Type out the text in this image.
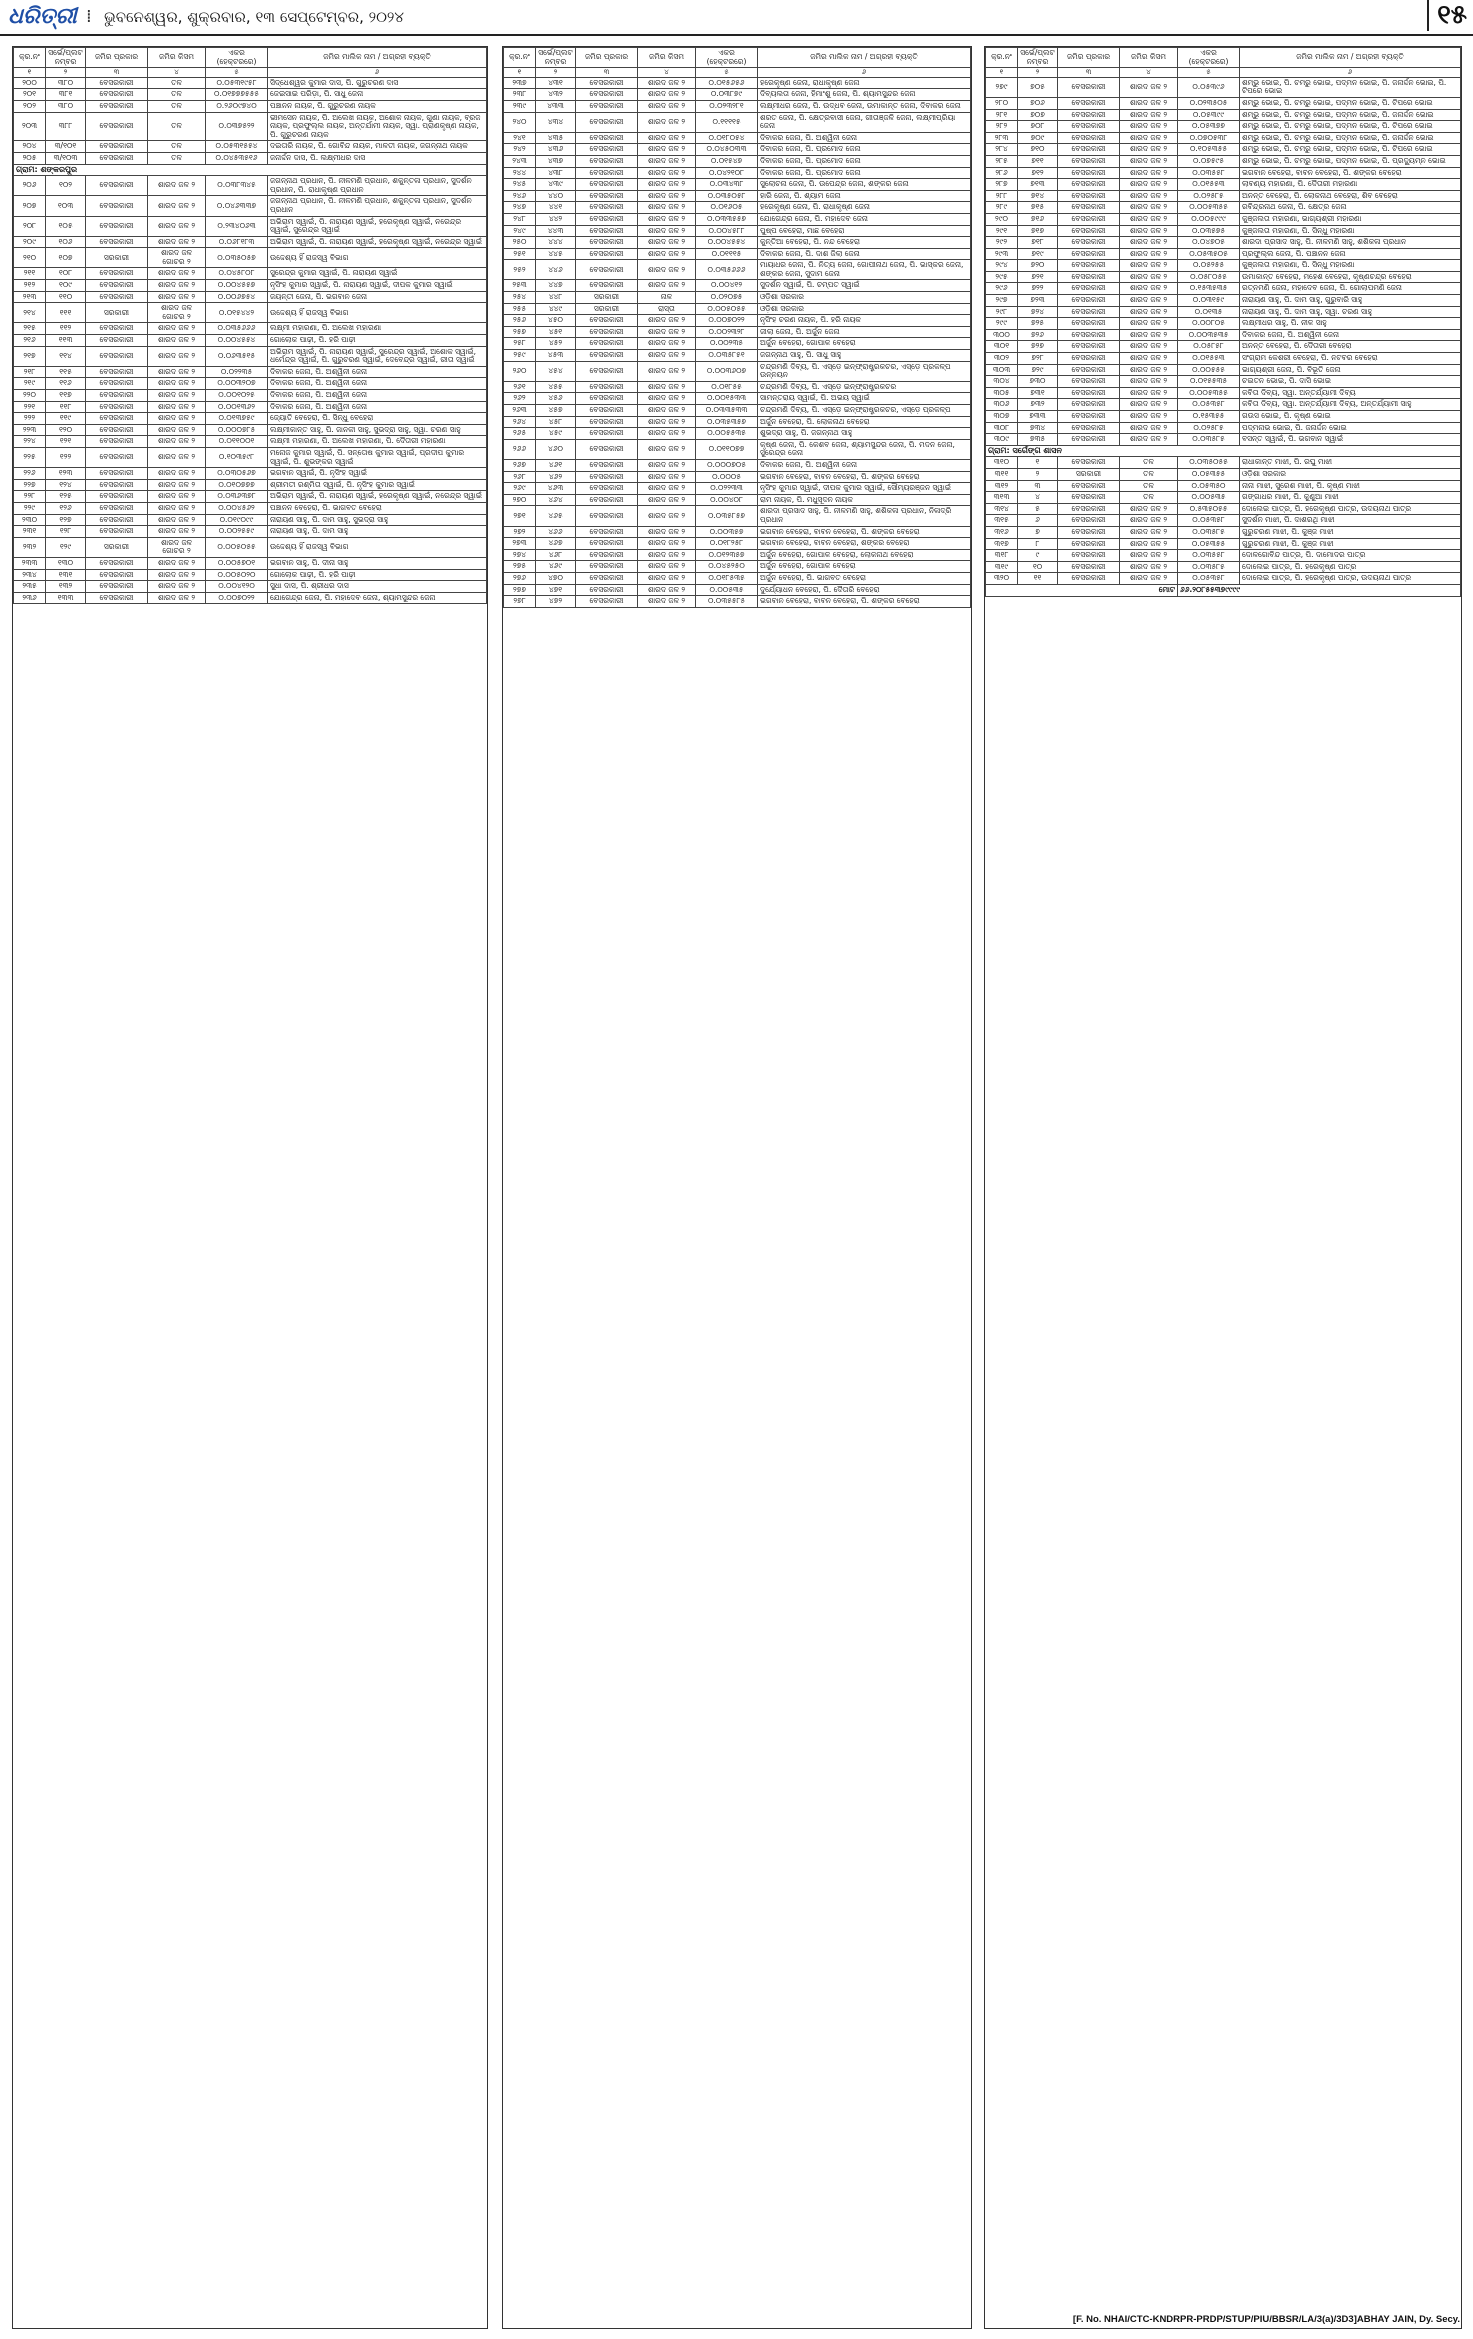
ଧରିତ୍ରୀ ⁞ ଭୁବନେଶ୍ୱର, ଶୁକ୍ରବାର, ୧୩ ସେପ୍ଟେମ୍ବର, ୨୦୨୪	୧୫
କ୍ର.ନଂ	ସର୍ଭେ/ପ୍ଲଟ ନମ୍ବର	ଜମିର ପ୍ରକାର	ଜମିର କିସମ	ଏକର (ହେକ୍ଟରରେ)	ଜମିର ମାଲିକ ନାମ / ଅଗ୍ରହୀ ବ୍ୟକ୍ତି
୧	୨	୩	୪	୫	୬
୨୦୦	୩୮୦	ବେସରକାରୀ	ତଳ	୦.୦୫୩୧୯୫୮	ସିଦ୍ଧେଶ୍ୱର କୁମାର ଦାସ, ପି. ଗୁରୁଚରଣ ଦାସ
୨୦୧	୩୮୧	ବେସରକାରୀ	ତଳ	୦.୦୧୭୭୭୫୫୫	ଜେଇସାଇ ପରିଡ଼ା, ପି. ସାଧୁ ଜେନା
୨୦୨	୩୮୦	ବେସରକାରୀ	ତଳ	୦.୨୬୦୯୭୪୦	ପଞ୍ଚାନନ ନାୟକ, ପି. ଗୁରୁଚରଣ ନାୟକ
୨୦୩	୩୮୮	ବେସରକାରୀ	ତଳ	୦.୦୩୭୫୨୨	ଭୀମସେନ ନାୟକ, ପି. ଅଲେଖ ନାୟକ, ଅଶୋକ ନାୟକ, ଗୁଣା ନାୟକ, ବ୍ରଜ ନାୟକ, ପ୍ରଫୁଲ୍ଲ ନାୟକ, ଅନ୍ତର୍ଯାମୀ ନାୟକ, ସ୍ୱା. ପ୍ରାଣକୃଷ୍ଣ ନାୟକ, ପି. ଗୁରୁଚରଣ ନାୟକ
୨୦୪	୩/୧୦୧	ବେସରକାରୀ	ତଳ	୦.୦୫୩୧୫୫୪	ଦଇତାରି ନାୟକ, ପି. ଗୋବିନ୍ଦ ନାୟକ, ମାଳତୀ ନାୟକ, ଜଗନ୍ନାଥ ନାୟକ
୨୦୫	୩/୧୦୩	ବେସରକାରୀ	ତଳ	୦.୦୪୫୩୫୧୬	ଜନାର୍ଦ୍ଦନ ଦାସ, ପି. ଲକ୍ଷ୍ମୀଧର ଦାସ
ଗ୍ରାମ: ଶଙ୍କରପୁର					
୨୦୬	୧୦୨	ବେସରକାରୀ	ଶାରଦ ଜଳ ୨	୦.୦୩୮୩୪୫	ଜଗନ୍ନାଥ ପ୍ରଧାନ, ପି. ନୀଳମଣି ପ୍ରଧାନ, ଶକୁନ୍ତଳା ପ୍ରଧାନ, ସୁଦର୍ଶନ ପ୍ରଧାନ, ପି. ରାଧାକୃଷ୍ଣ ପ୍ରଧାନ
୨୦୭	୧୦୩	ବେସରକାରୀ	ଶାରଦ ଜଳ ୨	୦.୦୪୬୩୩୭	ଜଗନ୍ନାଥ ପ୍ରଧାନ, ପି. ନୀଳମଣି ପ୍ରଧାନ, ଶକୁନ୍ତଳା ପ୍ରଧାନ, ସୁଦର୍ଶନ ପ୍ରଧାନ
୨୦୮	୧୦୫	ବେସରକାରୀ	ଶାରଦ ଜଳ ୨	୦.୨୩୪୦୬୩	ଅଭିରାମ ସ୍ୱାଇଁ, ପି. ନାରାୟଣ ସ୍ୱାଇଁ, ହରେକୃଷ୍ଣ ସ୍ୱାଇଁ, ନରେନ୍ଦ୍ର ସ୍ୱାଇଁ, ସୁରେନ୍ଦ୍ର ସ୍ୱାଇଁ
୨୦୯	୧୦୬	ବେସରକାରୀ	ଶାରଦ ଜଳ ୨	୦.୦୬୮୧୮୩	ଅଭିରାମ ସ୍ୱାଇଁ, ପି. ନାରାୟଣ ସ୍ୱାଇଁ, ହରେକୃଷ୍ଣ ସ୍ୱାଇଁ, ନରେନ୍ଦ୍ର ସ୍ୱାଇଁ
୨୧୦	୧୦୭	ସରକାରୀ	ଶାରଦ ଜଳ ଗୋଚର ୨	୦.୦୩୫୦୫୭	ଉଦ୍ଦେଶ୍ୟ ହିଁ ରାଜସ୍ୱ ବିଭାଗ
୨୧୧	୧୦୮	ବେସରକାରୀ	ଶାରଦ ଜଳ ୨	୦.୦୪୫୮୦୮	ସୁରେନ୍ଦ୍ର କୁମାର ସ୍ୱାଇଁ, ପି. ନାରାୟଣ ସ୍ୱାଇଁ
୨୧୨	୧୦୯	ବେସରକାରୀ	ଶାରଦ ଜଳ ୨	୦.୦୦୪୫୫୭	ନୃସିଂହ କୁମାର ସ୍ୱାଇଁ, ପି. ନାରାୟଣ ସ୍ୱାଇଁ, ଦୀପକ କୁମାର ସ୍ୱାଇଁ
୨୧୩	୧୧୦	ବେସରକାରୀ	ଶାରଦ ଜଳ ୨	୦.୦୦୬୭୫୪	ଜୟନ୍ତୀ ଜେନା, ପି. ଭଗବାନ ଜେନା
୨୧୪	୧୧୧	ସରକାରୀ	ଶାରଦ ଜଳ ଗୋଚର ୨	୦.୦୧୫୪୪୨	ଉଦ୍ଦେଶ୍ୟ ହିଁ ରାଜସ୍ୱ ବିଭାଗ
୨୧୫	୧୧୨	ବେସରକାରୀ	ଶାରଦ ଜଳ ୨	୦.୦୩୫୬୬୬	ଲକ୍ଷ୍ମୀ ମହାରଣା, ପି. ଅଲେଖ ମହାରଣା
୨୧୬	୧୧୩	ବେସରକାରୀ	ଶାରଦ ଜଳ ୨	୦.୦୦୪୫୫୪	ଗୋଲୋକ ପାଢ଼ୀ, ପି. ହରି ପାଢ଼ୀ
୨୧୭	୧୧୪	ବେସରକାରୀ	ଶାରଦ ଜଳ ୨	୦.୦୬୩୫୧୫	ଅଭିରାମ ସ୍ୱାଇଁ, ପି. ନାରାୟଣ ସ୍ୱାଇଁ, ସୁରେନ୍ଦ୍ର ସ୍ୱାଇଁ, ଅଶୋକ ସ୍ୱାଇଁ, ଧର୍ମେନ୍ଦ୍ର ସ୍ୱାଇଁ, ପି. ଗୁରୁଚରଣ ସ୍ୱାଇଁ, ଦେବେନ୍ଦ୍ର ସ୍ୱାଇଁ, ରୀତା ସ୍ୱାଇଁ
୨୧୮	୧୧୫	ବେସରକାରୀ	ଶାରଦ ଜଳ ୨	୦.୦୨୨୩୫	ଦିବାକର ଜେନା, ପି. ଅଶ୍ୱିନୀ ଜେନା
୨୧୯	୧୧୬	ବେସରକାରୀ	ଶାରଦ ଜଳ ୨	୦.୦୦୩୨୦୭	ଦିବାକର ଜେନା, ପି. ଅଶ୍ୱିନୀ ଜେନା
୨୨୦	୧୧୭	ବେସରକାରୀ	ଶାରଦ ଜଳ ୨	୦.୦୦୧୦୨୫	ଦିବାକର ଜେନା, ପି. ଅଶ୍ୱିନୀ ଜେନା
୨୨୧	୧୧୮	ବେସରକାରୀ	ଶାରଦ ଜଳ ୨	୦.୦୦୧୩୬୨	ଦିବାକର ଜେନା, ପି. ଅଶ୍ୱିନୀ ଜେନା
୨୨୨	୧୧୯	ବେସରକାରୀ	ଶାରଦ ଜଳ ୨	୦.୦୧୩୭୫୯	ଜ୍ୟୋତି ବେହେରା, ପି. ସିନ୍ଧୁ ବେହେରା
୨୨୩	୧୨୦	ବେସରକାରୀ	ଶାରଦ ଜଳ ୨	୦.୦୦୦୭୮୫	ଲକ୍ଷ୍ମୀକାନ୍ତ ସାହୁ, ପି. ଜାନକୀ ସାହୁ, ସୁଭଦ୍ରା ସାହୁ, ସ୍ୱା. ଚରଣ ସାହୁ
୨୨୪	୧୨୧	ବେସରକାରୀ	ଶାରଦ ଜଳ ୨	୦.୦୧୧୦୦୧	ଲକ୍ଷ୍ମୀ ମହାରଣା, ପି. ଅଲେଖ ମହାରଣା, ପି. ଦୈତାରୀ ମହାରଣା
୨୨୫	୧୨୨	ବେସରକାରୀ	ଶାରଦ ଜଳ ୨	୦.୧୦୩୫୯୮	ମନୋଜ କୁମାର ସ୍ୱାଇଁ, ପି. ସନ୍ତୋଷ କୁମାର ସ୍ୱାଇଁ, ପ୍ରଦୀପ କୁମାର ସ୍ୱାଇଁ, ପି. ଶୁଭଙ୍କର ସ୍ୱାଇଁ
୨୨୬	୧୨୩	ବେସରକାରୀ	ଶାରଦ ଜଳ ୨	୦.୦୩୦୫୬୭	ଭଗବାନ ସ୍ୱାଇଁ, ପି. ନୃସିଂହ ସ୍ୱାଇଁ
୨୨୭	୧୨୪	ବେସରକାରୀ	ଶାରଦ ଜଳ ୨	୦.୦୧୦୭୭୭	ଶ୍ରୀମତୀ ରଶ୍ମିତା ସ୍ୱାଇଁ, ପି. ନୃସିଂହ କୁମାର ସ୍ୱାଇଁ
୨୨୮	୧୨୫	ବେସରକାରୀ	ଶାରଦ ଜଳ ୨	୦.୦୩୬୩୭୮	ଅଭିରାମ ସ୍ୱାଇଁ, ପି. ନାରାୟଣ ସ୍ୱାଇଁ, ହରେକୃଷ୍ଣ ସ୍ୱାଇଁ, ନରେନ୍ଦ୍ର ସ୍ୱାଇଁ
୨୨୯	୧୨୬	ବେସରକାରୀ	ଶାରଦ ଜଳ ୨	୦.୦୦୪୫୬୨	ପଞ୍ଚାନନ ବେହେରା, ପି. ଭାଗବତ ବେହେରା
୨୩୦	୧୨୭	ବେସରକାରୀ	ଶାରଦ ଜଳ ୨	୦.୦୧୯୦୯୯	ନାରାୟଣ ସାହୁ, ପି. ଦାମ ସାହୁ, ସୁଭଦ୍ରା ସାହୁ
୨୩୧	୧୨୮	ବେସରକାରୀ	ଶାରଦ ଜଳ ୨	୦.୦୦୨୫୫୯	ନାରାୟଣ ସାହୁ, ପି. ଦାମ ସାହୁ
୨୩୨	୧୨୯	ସରକାରୀ	ଶାରଦ ଜଳ ଗୋଚର ୨	୦.୦୦୫୦୫୫	ଉଦ୍ଦେଶ୍ୟ ହିଁ ରାଜସ୍ୱ ବିଭାଗ
୨୩୩	୧୩୦	ବେସରକାରୀ	ଶାରଦ ଜଳ ୨	୦.୦୦୫୭୦୧	ଭଗବାନ ସାହୁ, ପି. ଦୀନା ସାହୁ
୨୩୪	୧୩୧	ବେସରକାରୀ	ଶାରଦ ଜଳ ୨	୦.୦୦୫୦୨୦	ଗୋଲୋକ ପାଢ଼ୀ, ପି. ହରି ପାଢ଼ୀ
୨୩୫	୧୩୨	ବେସରକାରୀ	ଶାରଦ ଜଳ ୨	୦.୦୦୪୧୨୦	ସୁଧା ଦାସ, ପି. ଶ୍ରୀଧର ଦାସ
୨୩୬	୧୩୩	ବେସରକାରୀ	ଶାରଦ ଜଳ ୨	୦.୦୦୭୦୨୨	ଯୋଗେନ୍ଦ୍ର ଜେନା, ପି. ମହାଦେବ ଜେନା, ଶ୍ୟାମସୁନ୍ଦର ଜେନା
କ୍ର.ନଂ	ସର୍ଭେ/ପ୍ଲଟ ନମ୍ବର	ଜମିର ପ୍ରକାର	ଜମିର କିସମ	ଏକର (ହେକ୍ଟରରେ)	ଜମିର ମାଲିକ ନାମ / ଅଗ୍ରହୀ ବ୍ୟକ୍ତି
୧	୨	୩	୪	୫	୬
୨୩୭	୪୩୧	ବେସରକାରୀ	ଶାରଦ ଜଳ ୨	୦.୦୧୫୬୫୬	ହରେକୃଷ୍ଣ ଜେନା, ରାଧାକୃଷ୍ଣ ଜେନା
୨୩୮	୪୩୨	ବେସରକାରୀ	ଶାରଦ ଜଳ ୨	୦.୦୩୮୭୯	ଦିବ୍ୟଲତା ଜେନା, ହିମାଂଶୁ ଜେନା, ପି. ଶ୍ୟାମସୁନ୍ଦର ଜେନା
୨୩୯	୪୩୩	ବେସରକାରୀ	ଶାରଦ ଜଳ ୨	୦.୦୨୩୨୮୧	ଲକ୍ଷ୍ମୀଧର ଜେନା, ପି. ଉଦ୍ଧବ ଜେନା, ଉମାକାନ୍ତ ଜେନା, ଦିବାକର ଜେନା
୨୪୦	୪୩୪	ବେସରକାରୀ	ଶାରଦ ଜଳ ୨	୦.୧୧୧୧୫	ଶରତ ଜେନା, ପି. କ୍ଷେତ୍ରବାସୀ ଜେନା, ଗୀତାଞ୍ଜଳି ଜେନା, ଲକ୍ଷ୍ମୀପ୍ରିୟା ଜେନା
୨୪୧	୪୩୫	ବେସରକାରୀ	ଶାରଦ ଜଳ ୨	୦.୦୧୮୦୫୪	ଦିବାକର ଜେନା, ପି. ଅଶ୍ୱିନୀ ଜେନା
୨୪୨	୪୩୬	ବେସରକାରୀ	ଶାରଦ ଜଳ ୨	୦.୦୪୫୦୩୩	ଦିବାକର ଜେନା, ପି. ପ୍ରମୋଦ ଜେନା
୨୪୩	୪୩୭	ବେସରକାରୀ	ଶାରଦ ଜଳ ୨	୦.୦୧୫୪୭	ଦିବାକର ଜେନା, ପି. ପ୍ରମୋଦ ଜେନା
୨୪୪	୪୩୮	ବେସରକାରୀ	ଶାରଦ ଜଳ ୨	୦.୦୪୨୧୦୮	ଦିବାକର ଜେନା, ପି. ପ୍ରମୋଦ ଜେନା
୨୪୫	୪୩୯	ବେସରକାରୀ	ଶାରଦ ଜଳ ୨	୦.୦୩୪୩୮	ସୁଲୋଚନା ଜେନା, ପି. ଉପେନ୍ଦ୍ର ଜେନା, ଶଙ୍କର ଜେନା
୨୪୬	୪୪୦	ବେସରକାରୀ	ଶାରଦ ଜଳ ୨	୦.୦୩୫୦୫୮	ହାରି ଜେନା, ପି. ଶ୍ୟାମ ଜେନା
୨୪୭	୪୪୧	ବେସରକାରୀ	ଶାରଦ ଜଳ ୨	୦.୦୧୬୦୫	ହରେକୃଷ୍ଣ ଜେନା, ପି. ରାଧାକୃଷ୍ଣ ଜେନା
୨୪୮	୪୪୨	ବେସରକାରୀ	ଶାରଦ ଜଳ ୨	୦.୦୩୩୫୫୭	ଯୋଗେନ୍ଦ୍ର ଜେନା, ପି. ମହାଦେବ ଜେନା
୨୪୯	୪୪୩	ବେସରକାରୀ	ଶାରଦ ଜଳ ୨	୦.୦୦୪୫୮୮	ପୁଷ୍ପ ବେହେରା, ମାଛ ବେହେରା
୨୫୦	୪୪୪	ବେସରକାରୀ	ଶାରଦ ଜଳ ୨	୦.୦୦୪୫୫୪	କୁନ୍ତିଆ ବେହେରା, ପି. ନନ୍ଦ ବେହେରା
୨୫୧	୪୪୫	ବେସରକାରୀ	ଶାରଦ ଜଳ ୨	୦.୦୧୧୧୫	ଦିବାକର ଜେନା, ପି. ଦାଶ ଜିଲା ଜେନା
୨୫୨	୪୪୬	ବେସରକାରୀ	ଶାରଦ ଜଳ ୨	୦.୦୩୫୬୬୬	ମାୟାଧର ଜେନା, ପି. ନିତ୍ୟ ଜେନା, ଗୋପୀନାଥ ଜେନା, ପି. ଭାସ୍କର ଜେନା, ଶଙ୍କର ଜେନା, ସୁଦାମ ଜେନା
୨୫୩	୪୪୭	ବେସରକାରୀ	ଶାରଦ ଜଳ ୨	୦.୦୦୪୧୨	ସୁଦର୍ଶନ ସ୍ୱାଇଁ, ପି. ଚମ୍ପତ ସ୍ୱାଇଁ
୨୫୪	୪୪୮	ସରକାରୀ	ନାଳ	୦.୦୨୦୭୫	ଓଡ଼ିଶା ସରକାର
୨୫୫	୪୪୯	ସରକାରୀ	ରାସ୍ତା	୦.୦୦୫୦୫୫	ଓଡ଼ିଶା ସରକାର
୨୫୬	୪୫୦	ବେସରକାରୀ	ଶାରଦ ଜଳ ୨	୦.୦୦୭୦୨୨	ନୃସିଂହ ଚରଣ ନାୟକ, ପି. ହରି ନାୟକ
୨୫୭	୪୫୧	ବେସରକାରୀ	ଶାରଦ ଜଳ ୨	୦.୦୦୨୩୨୮	ଜୀଲା ଜେନା, ପି. ଅର୍ଜୁନ ଜେନା
୨୫୮	୪୫୨	ବେସରକାରୀ	ଶାରଦ ଜଳ ୨	୦.୦୦୨୩୫	ଅର୍ଜୁନ ବେହେରା, ଗୋପାଳ ବେହେରା
୨୫୯	୪୫୩	ବେସରକାରୀ	ଶାରଦ ଜଳ ୨	୦.୦୩୫୮୫୧	ଜଗନ୍ନାଥ ସାହୁ, ପି. ସାଧୁ ସାହୁ
୨୬୦	୪୫୪	ବେସରକାରୀ	ଶାରଦ ଜଳ ୨	୦.୦୦୩୬୦୭	ଚନ୍ଦ୍ରମଣି ଦିବ୍ୟ, ପି. ଏସ୍‌ଡ଼େ ଇନ୍‌ଫ୍ରାଷ୍ଟ୍ରକଚର, ଏସ୍‌ଡ଼େ ପ୍ରକଳ୍ପ ଉନ୍ନୟନ
୨୬୧	୪୫୫	ବେସରକାରୀ	ଶାରଦ ଜଳ ୨	୦.୦୧୮୫୫	ଚନ୍ଦ୍ରମଣି ଦିବ୍ୟ, ପି. ଏସ୍‌ଡ଼େ ଇନ୍‌ଫ୍ରାଷ୍ଟ୍ରକଚର
୨୬୨	୪୫୬	ବେସରକାରୀ	ଶାରଦ ଜଳ ୨	୦.୦୦୧୫୩୩	ସାମନ୍ତରାୟ ସ୍ୱାଇଁ, ପି. ଅଭୟ ସ୍ୱାଇଁ
୨୬୩	୪୫୭	ବେସରକାରୀ	ଶାରଦ ଜଳ ୨	୦.୦୩୩୫୩୩	ଚନ୍ଦ୍ରମଣି ଦିବ୍ୟ, ପି. ଏସ୍‌ଡ଼େ ଇନ୍‌ଫ୍ରାଷ୍ଟ୍ରକଚର, ଏସ୍‌ଡ଼େ ପ୍ରକଳ୍ପ
୨୬୪	୪୫୮	ବେସରକାରୀ	ଶାରଦ ଜଳ ୨	୦.୦୩୫୩୫୭	ଅର୍ଜୁନ ବେହେରା, ପି. ଲୋକନାଥ ବେହେରା
୨୬୫	୪୫୯	ବେସରକାରୀ	ଶାରଦ ଜଳ ୨	୦.୦୦୫୫୩୫	ଶୁଭଦ୍ରା ସାହୁ, ପି. ଜଗନ୍ନାଥ ସାହୁ
୨୬୬	୪୬୦	ବେସରକାରୀ	ଶାରଦ ଜଳ ୨	୦.୦୧୧୦୭୭	କୃଷ୍ଣ ଜେନା, ପି. କେଶବ ଜେନା, ଶ୍ୟାମସୁନ୍ଦର ଜେନା, ପି. ମଦନ ଜେନା, ସୁରେନ୍ଦ୍ର ଜେନା
୨୬୭	୪୬୧	ବେସରକାରୀ	ଶାରଦ ଜଳ ୨	୦.୦୦୦୭୦୫	ଦିବାକର ଜେନା, ପି. ଅଶ୍ୱିନୀ ଜେନା
୨୬୮	୪୬୨	ବେସରକାରୀ	ଶାରଦ ଜଳ ୨	୦.୦୦୦୫	ଭଗବାନ ବେହେରା, ବାବନ ବେହେରା, ପି. ଶଙ୍କର ବେହେରା
୨୬୯	୪୬୩	ବେସରକାରୀ	ଶାରଦ ଜଳ ୨	୦.୦୨୨୩୩	ନୃସିଂହ କୁମାର ସ୍ୱାଇଁ, ଦୀପକ କୁମାର ସ୍ୱାଇଁ, ସୌମ୍ୟରଞ୍ଜନ ସ୍ୱାଇଁ
୨୭୦	୪୬୪	ବେସରକାରୀ	ଶାରଦ ଜଳ ୨	୦.୦୦୪୦୮	ରାମ ନାୟକ, ପି. ମଧୁସୂଦନ ନାୟକ
୨୭୧	୪୬୫	ବେସରକାରୀ	ଶାରଦ ଜଳ ୨	୦.୦୩୫୮୫୭	ଶାରଦା ପ୍ରସାଦ ସାହୁ, ପି. ନୀଳମଣି ସାହୁ, ଶଶିକଳା ପ୍ରଧାନ, ନିଳାଦ୍ରି ପ୍ରଧାନ
୨୭୨	୪୬୬	ବେସରକାରୀ	ଶାରଦ ଜଳ ୨	୦.୦୦୩୫୭	ଭଗବାନ ବେହେରା, ବାବନ ବେହେରା, ପି. ଶଙ୍କର ବେହେରା
୨୭୩	୪୬୭	ବେସରକାରୀ	ଶାରଦ ଜଳ ୨	୦.୦୧୮୨୫୮	ଭଗବାନ ବେହେରା, ବାବନ ବେହେରା, ଶଙ୍କର ବେହେରା
୨୭୪	୪୬୮	ବେସରକାରୀ	ଶାରଦ ଜଳ ୨	୦.୦୧୨୩୫୭	ଅର୍ଜୁନ ବେହେରା, ଗୋପାଳ ବେହେରା, ଲୋକନାଥ ବେହେରା
୨୭୫	୪୬୯	ବେସରକାରୀ	ଶାରଦ ଜଳ ୨	୦.୦୪୫୨୫୦	ଅର୍ଜୁନ ବେହେରା, ଗୋପାଳ ବେହେରା
୨୭୬	୪୭୦	ବେସରକାରୀ	ଶାରଦ ଜଳ ୨	୦.୦୧୮୫୩୫	ଅର୍ଜୁନ ବେହେରା, ପି. ଭାଗବତ ବେହେରା
୨୭୭	୪୭୧	ବେସରକାରୀ	ଶାରଦ ଜଳ ୨	୦.୦୦୫୩୫	ଦୁର୍ଯ୍ୟୋଧନ ବେହେରା, ପି. ଦୈତାରି ବେହେରା
୨୭୮	୪୭୨	ବେସରକାରୀ	ଶାରଦ ଜଳ ୨	୦.୦୩୫୫୮୫	ଭଗବାନ ବେହେରା, ବାବନ ବେହେରା, ପି. ଶଙ୍କର ବେହେରା
କ୍ର.ନଂ	ସର୍ଭେ/ପ୍ଲଟ ନମ୍ବର	ଜମିର ପ୍ରକାର	ଜମିର କିସମ	ଏକର (ହେକ୍ଟରରେ)	ଜମିର ମାଲିକ ନାମ / ଅଗ୍ରହୀ ବ୍ୟକ୍ତି
୧	୨	୩	୪	୫	୬
୨୭୯	୭୦୫	ବେସରକାରୀ	ଶାରଦ ଜଳ ୨	୦.୦୫୩୯୬	ଶମ୍ଭୁ ଭୋଇ, ପି. ଚମରୁ ଭୋଇ, ପଦ୍ମନ ଭୋଇ, ପି. ଜନାର୍ଦ୍ଦନ ଭୋଇ, ପି. ଟିପରେ ଭୋଇ
୨୮୦	୭୦୬	ବେସରକାରୀ	ଶାରଦ ଜଳ ୨	୦.୦୨୩୫୦୫	ଶମ୍ଭୁ ଭୋଇ, ପି. ଚମରୁ ଭୋଇ, ପଦ୍ମନ ଭୋଇ, ପି. ଟିପରେ ଭୋଇ
୨୮୧	୭୦୭	ବେସରକାରୀ	ଶାରଦ ଜଳ ୨	୦.୦୫୩୯୯	ଶମ୍ଭୁ ଭୋଇ, ପି. ଚମରୁ ଭୋଇ, ପଦ୍ମନ ଭୋଇ, ପି. ଜନାର୍ଦ୍ଦନ ଭୋଇ
୨୮୨	୭୦୮	ବେସରକାରୀ	ଶାରଦ ଜଳ ୨	୦.୦୫୩୭୭	ଶମ୍ଭୁ ଭୋଇ, ପି. ଚମରୁ ଭୋଇ, ପଦ୍ମନ ଭୋଇ, ପି. ଟିପରେ ଭୋଇ
୨୮୩	୭୦୯	ବେସରକାରୀ	ଶାରଦ ଜଳ ୨	୦.୦୭୦୫୩୮	ଶମ୍ଭୁ ଭୋଇ, ପି. ଚମରୁ ଭୋଇ, ପଦ୍ମନ ଭୋଇ, ପି. ଜନାର୍ଦ୍ଦନ ଭୋଇ
୨୮୪	୭୧୦	ବେସରକାରୀ	ଶାରଦ ଜଳ ୨	୦.୧୦୫୩୫୫	ଶମ୍ଭୁ ଭୋଇ, ପି. ଚମରୁ ଭୋଇ, ପଦ୍ମନ ଭୋଇ, ପି. ଟିପରେ ଭୋଇ
୨୮୫	୭୧୧	ବେସରକାରୀ	ଶାରଦ ଜଳ ୨	୦.୦୭୫୯୫	ଶମ୍ଭୁ ଭୋଇ, ପି. ଚମରୁ ଭୋଇ, ପଦ୍ମନ ଭୋଇ, ପି. ପ୍ରଦ୍ୟୁମ୍ନ ଭୋଇ
୨୮୬	୭୧୨	ବେସରକାରୀ	ଶାରଦ ଜଳ ୨	୦.୦୩୫୫୮	ଭଗବାନ ବେହେରା, ବାବନ ବେହେରା, ପି. ଶଙ୍କର ବେହେରା
୨୮୭	୭୧୩	ବେସରକାରୀ	ଶାରଦ ଜଳ ୨	୦.୦୧୫୫୩	ଲାବଣ୍ୟ ମହାରଣା, ପି. ଦୈତାରୀ ମହାରଣା
୨୮୮	୭୧୪	ବେସରକାରୀ	ଶାରଦ ଜଳ ୨	୦.୦୨୫୮୫	ଅନନ୍ତ ବେହେରା, ପି. ଲୋକନାଥ ବେହେରା, ଶିବ ବେହେରା
୨୮୯	୭୧୫	ବେସରକାରୀ	ଶାରଦ ଜଳ ୨	୦.୦୦୫୩୫୫	ରବିନ୍ଦ୍ରନାଥ ଜେନା, ପି. କ୍ଷେତ୍ର ଜେନା
୨୯୦	୭୧୬	ବେସରକାରୀ	ଶାରଦ ଜଳ ୨	୦.୦୦୫୯୯୯	କୁଞ୍ଜଲତା ମହାରଣା, ଭାଗ୍ୟଶ୍ରୀ ମହାରଣା
୨୯୧	୭୧୭	ବେସରକାରୀ	ଶାରଦ ଜଳ ୨	୦.୦୩୫୭୫	କୁଞ୍ଜଲତା ମହାରଣା, ପି. ସିନ୍ଧୁ ମହାରଣା
୨୯୨	୭୧୮	ବେସରକାରୀ	ଶାରଦ ଜଳ ୨	୦.୦୪୭୦୫	ଶାରଦା ପ୍ରସାଦ ସାହୁ, ପି. ନୀଳମଣି ସାହୁ, ଶଶିକଳା ପ୍ରଧାନ
୨୯୩	୭୧୯	ବେସରକାରୀ	ଶାରଦ ଜଳ ୨	୦.୦୫୩୫୦୫	ପ୍ରଫୁଲ୍ଲ ଜେନା, ପି. ପଞ୍ଚାନନ ଜେନା
୨୯୪	୭୨୦	ବେସରକାରୀ	ଶାରଦ ଜଳ ୨	୦.୦୫୨୫୫	କୁଞ୍ଜଲତା ମହାରଣା, ପି. ସିନ୍ଧୁ ମହାରଣା
୨୯୫	୭୨୧	ବେସରକାରୀ	ଶାରଦ ଜଳ ୨	୦.୦୫୮୦୫୫	ଉମାକାନ୍ତ ବେହେରା, ମହେଶ ବେହେରା, କୃଷ୍ଣଚନ୍ଦ୍ର ବେହେରା
୨୯୬	୭୨୨	ବେସରକାରୀ	ଶାରଦ ଜଳ ୨	୦.୧୫୩୫୩୫	ରତ୍ନମଣି ଜେନା, ମହାଦେବ ଜେନା, ପି. ଗୋଲାପମଣି ଜେନା
୨୯୭	୭୨୩	ବେସରକାରୀ	ଶାରଦ ଜଳ ୨	୦.୦୩୧୫୯	ନାରାୟଣ ସାହୁ, ପି. ଦାମ ସାହୁ, ଗୁରୁବାରି ସାହୁ
୨୯୮	୭୨୪	ବେସରକାରୀ	ଶାରଦ ଜଳ ୨	୦.୦୧୩୫	ନାରାୟଣ ସାହୁ, ପି. ଦାମ ସାହୁ, ସ୍ୱା. ଚରଣ ସାହୁ
୨୯୯	୭୨୫	ବେସରକାରୀ	ଶାରଦ ଜଳ ୨	୦.୦୦୮୦୫	ଲକ୍ଷ୍ମୀଧର ସାହୁ, ପି. ନୀଳ ସାହୁ
୩୦୦	୭୨୬	ବେସରକାରୀ	ଶାରଦ ଜଳ ୨	୦.୦୦୩୫୩୫	ଦିବାକର ଜେନା, ପି. ଅଶ୍ୱିନୀ ଜେନା
୩୦୧	୭୨୭	ବେସରକାରୀ	ଶାରଦ ଜଳ ୨	୦.୦୫୮୫୮	ଅନନ୍ତ ବେହେରା, ପି. ଦୈତାରୀ ବେହେରା
୩୦୨	୭୨୮	ବେସରକାରୀ	ଶାରଦ ଜଳ ୨	୦.୦୧୫୫୩	ସଂଗ୍ରାମ କେଶରୀ ବେହେରା, ପି. ନଟବର ବେହେରା
୩୦୩	୭୨୯	ବେସରକାରୀ	ଶାରଦ ଜଳ ୨	୦.୦୦୫୫୫	ଭାଗ୍ୟଶ୍ରୀ ଜେନା, ପି. ବିଭୂତି ଜେନା
୩୦୪	୭୩୦	ବେସରକାରୀ	ଶାରଦ ଜଳ ୨	୦.୦୧୫୫୩୫	ଚଇତନ ଭୋଇ, ପି. ଦାସି ଭୋଇ
୩୦୫	୭୩୧	ବେସରକାରୀ	ଶାରଦ ଜଳ ୨	୦.୦୦୫୩୫୫	କବିତା ଦିବ୍ୟ, ସ୍ୱା. ଅନ୍ତର୍ଯ୍ୟାମୀ ଦିବ୍ୟ
୩୦୬	୭୩୨	ବେସରକାରୀ	ଶାରଦ ଜଳ ୨	୦.୦୫୩୫୮	କବିତା ଦିବ୍ୟ, ସ୍ୱା. ଅନ୍ତର୍ଯ୍ୟାମୀ ଦିବ୍ୟ, ଅନ୍ତର୍ଯ୍ୟାମୀ ସାହୁ
୩୦୭	୭୩୩	ବେସରକାରୀ	ଶାରଦ ଜଳ ୨	୦.୧୫୩୫୫	ଗଉସ ଭୋଇ, ପି. କୃଷ୍ଣ ଭୋଇ
୩୦୮	୭୩୪	ବେସରକାରୀ	ଶାରଦ ଜଳ ୨	୦.୦୨୫୮୫	ପଦ୍ମନାଭ ଭୋଇ, ପି. ଜନାର୍ଦ୍ଦନ ଭୋଇ
୩୦୯	୭୩୫	ବେସରକାରୀ	ଶାରଦ ଜଳ ୨	୦.୦୩୫୮୫	ବସନ୍ତ ସ୍ୱାଇଁ, ପି. ଭଗବାନ ସ୍ୱାଇଁ
ଗ୍ରାମ: ସର୍ଗେଙ୍ଗ ଶାସନ					
୩୧୦	୧	ବେସରକାରୀ	ତଳ	୦.୦୩୫୦୫୫	ରାଧାକାନ୍ତ ମାଝୀ, ପି. ରଘୁ ମାଝୀ
୩୧୧	୨	ସରକାରୀ	ତଳ	୦.୦୫୩୫୫	ଓଡ଼ିଶା ସରକାର
୩୧୨	୩	ବେସରକାରୀ	ତଳ	୦.୦୫୩୫୦	ନାନା ମାଝୀ, ସୁରେଶ ମାଝୀ, ପି. କୃଷ୍ଣ ମାଝୀ
୩୧୩	୪	ବେସରକାରୀ	ତଳ	୦.୦୦୫୩୫	ଗଙ୍ଗାଧର ମାଝୀ, ପି. କୁଣୁଆ ମାଝୀ
୩୧୪	୫	ବେସରକାରୀ	ଶାରଦ ଜଳ ୨	୦.୫୩୫୦୫୫	ଦୋଲେଇ ପାତ୍ର, ପି. ହରେକୃଷ୍ଣ ପାତ୍ର, ଉଦୟନାଥ ପାତ୍ର
୩୧୫	୬	ବେସରକାରୀ	ଶାରଦ ଜଳ ୨	୦.୦୫୩୫୮	ସୁଦର୍ଶନ ମାଝୀ, ପି. ଦାଶରଥି ମାଝୀ
୩୧୬	୭	ବେସରକାରୀ	ଶାରଦ ଜଳ ୨	୦.୦୩୫୮୫	ଗୁରୁଚରଣ ମାଝୀ, ପି. କୁଞ୍ଜ ମାଝୀ
୩୧୭	୮	ବେସରକାରୀ	ଶାରଦ ଜଳ ୨	୦.୦୫୩୫୫	ଗୁରୁଚରଣ ମାଝୀ, ପି. କୁଞ୍ଜ ମାଝୀ
୩୧୮	୯	ବେସରକାରୀ	ଶାରଦ ଜଳ ୨	୦.୦୩୫୫୮	ଦୋଳଗୋବିନ୍ଦ ପାତ୍ର, ପି. ଦାମୋଦର ପାତ୍ର
୩୧୯	୧୦	ବେସରକାରୀ	ଶାରଦ ଜଳ ୨	୦.୦୩୫୮୫	ଦୋଲେଇ ପାତ୍ର, ପି. ହରେକୃଷ୍ଣ ପାତ୍ର
୩୨୦	୧୧	ବେସରକାରୀ	ଶାରଦ ଜଳ ୨	୦.୦୫୩୫୮	ଦୋଲେଇ ପାତ୍ର, ପି. ହରେକୃଷ୍ଣ ପାତ୍ର, ଉଦୟନାଥ ପାତ୍ର
ମୋଟ				୬୬.୨୦୮୫୫୩୭୯୯୯୯	
[F. No. NHAI/CTC-KNDRPR-PRDP/STUP/PIU/BBSR/LA/3(a)/3D3]ABHAY JAIN, Dy. Secy.
